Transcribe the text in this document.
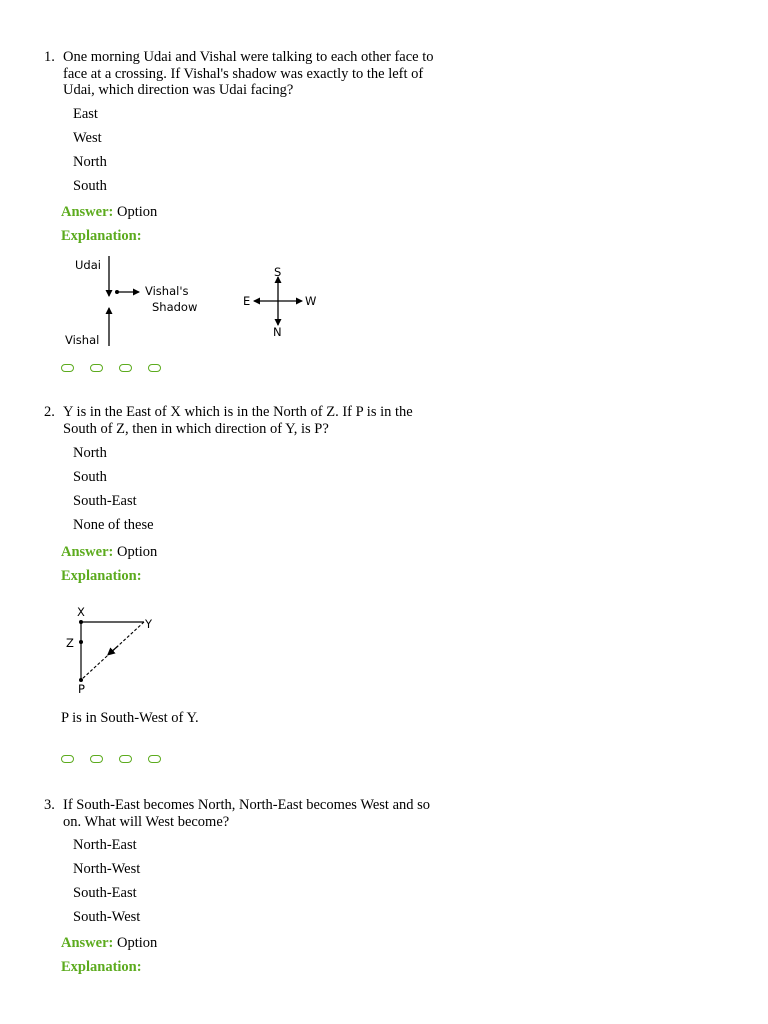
1. One morning Udai and Vishal were talking to each other face to face at a crossing. If Vishal's shadow was exactly to the left of Udai, which direction was Udai facing?
East
West
North
South
Answer: Option
Explanation:
Udai
Vishal's
Shadow
Vishal
S
E	W
N
2. Y is in the East of X which is in the North of Z. If P is in the South of Z, then in which direction of Y, is P?
North
South
South-East
None of these
Answer: Option
Explanation:
X
Y
Z
P
P is in South-West of Y.
3. If South-East becomes North, North-East becomes West and so on. What will West become?
North-East
North-West
South-East
South-West
Answer: Option
Explanation:
